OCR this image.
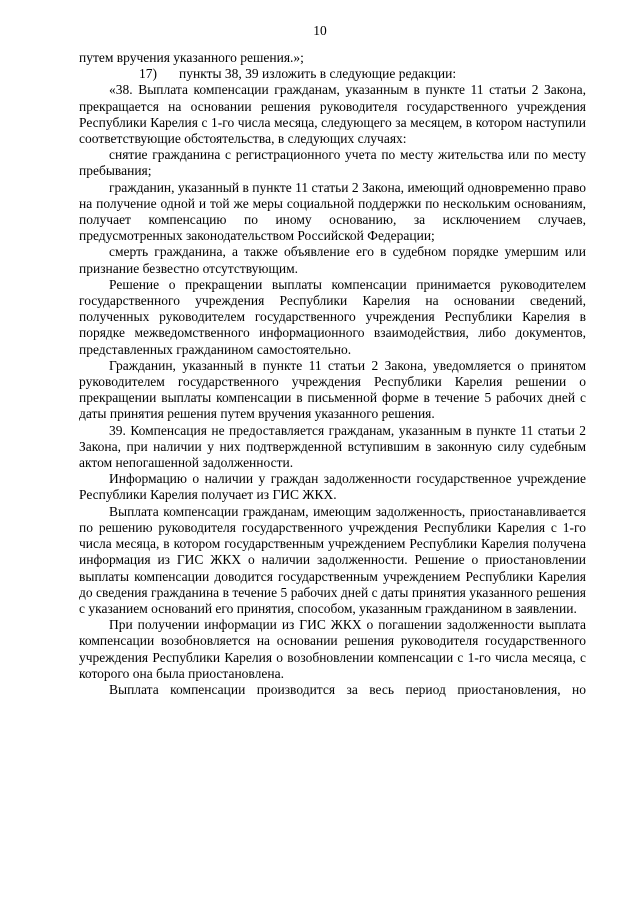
10

путем вручения указанного решения.»;

17) пункты 38, 39 изложить в следующие редакции:

«38. Выплата компенсации гражданам, указанным в пункте 11 статьи 2 Закона, прекращается на основании решения руководителя государственного учреждения Республики Карелия с 1-го числа месяца, следующего за месяцем, в котором наступили соответствующие обстоятельства, в следующих случаях:

снятие гражданина с регистрационного учета по месту жительства или по месту пребывания;

гражданин, указанный в пункте 11 статьи 2 Закона, имеющий одновременно право на получение одной и той же меры социальной поддержки по нескольким основаниям, получает компенсацию по иному основанию, за исключением случаев, предусмотренных законодательством Российской Федерации;

смерть гражданина, а также объявление его в судебном порядке умершим или признание безвестно отсутствующим.

Решение о прекращении выплаты компенсации принимается руководителем государственного учреждения Республики Карелия на основании сведений, полученных руководителем государственного учреждения Республики Карелия в порядке межведомственного информационного взаимодействия, либо документов, представленных гражданином самостоятельно.

Гражданин, указанный в пункте 11 статьи 2 Закона, уведомляется о принятом руководителем государственного учреждения Республики Карелия решении о прекращении выплаты компенсации в письменной форме в течение 5 рабочих дней с даты принятия решения путем вручения указанного решения.

39. Компенсация не предоставляется гражданам, указанным в пункте 11 статьи 2 Закона, при наличии у них подтвержденной вступившим в законную силу судебным актом непогашенной задолженности.

Информацию о наличии у граждан задолженности государственное учреждение Республики Карелия получает из ГИС ЖКХ.

Выплата компенсации гражданам, имеющим задолженность, приостанавливается по решению руководителя государственного учреждения Республики Карелия с 1-го числа месяца, в котором государственным учреждением Республики Карелия получена информация из ГИС ЖКХ о наличии задолженности. Решение о приостановлении выплаты компенсации доводится государственным учреждением Республики Карелия до сведения гражданина в течение 5 рабочих дней с даты принятия указанного решения с указанием оснований его принятия, способом, указанным гражданином в заявлении.

При получении информации из ГИС ЖКХ о погашении задолженности выплата компенсации возобновляется на основании решения руководителя государственного учреждения Республики Карелия о возобновлении компенсации с 1-го числа месяца, с которого она была приостановлена.

Выплата компенсации производится за весь период приостановления, но
